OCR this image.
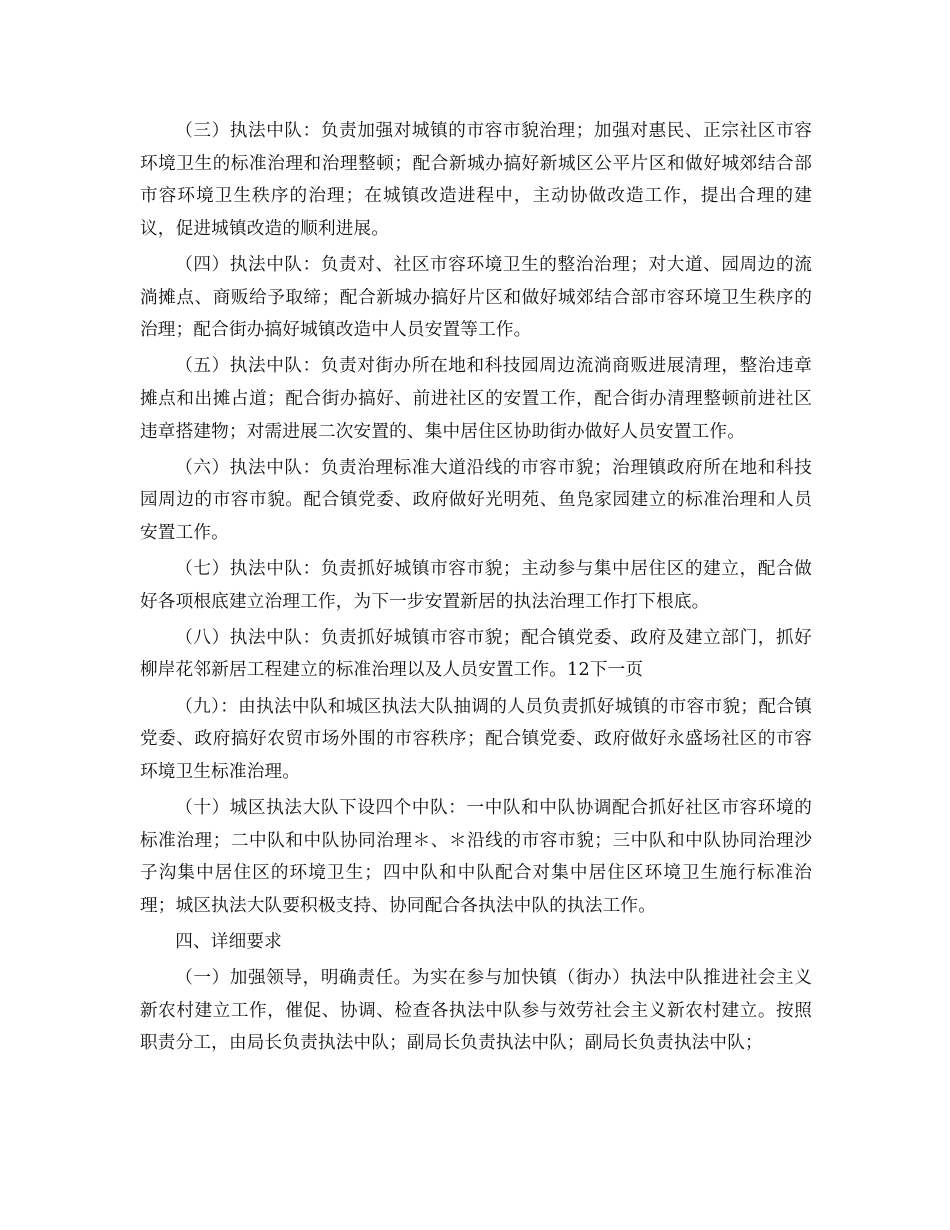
（三）执法中队：负责加强对城镇的市容市貌治理；加强对惠民、正宗社区市容环境卫生的标准治理和治理整顿；配合新城办搞好新城区公平片区和做好城郊结合部市容环境卫生秩序的治理；在城镇改造进程中，主动协做改造工作，提出合理的建议，促进城镇改造的顺利进展。

（四）执法中队：负责对、社区市容环境卫生的整治治理；对大道、园周边的流淌摊点、商贩给予取缔；配合新城办搞好片区和做好城郊结合部市容环境卫生秩序的治理；配合街办搞好城镇改造中人员安置等工作。

（五）执法中队：负责对街办所在地和科技园周边流淌商贩进展清理，整治违章摊点和出摊占道；配合街办搞好、前进社区的安置工作，配合街办清理整顿前进社区违章搭建物；对需进展二次安置的、集中居住区协助街办做好人员安置工作。

（六）执法中队：负责治理标准大道沿线的市容市貌；治理镇政府所在地和科技园周边的市容市貌。配合镇党委、政府做好光明苑、鱼凫家园建立的标准治理和人员安置工作。

（七）执法中队：负责抓好城镇市容市貌；主动参与集中居住区的建立，配合做好各项根底建立治理工作，为下一步安置新居的执法治理工作打下根底。

（八）执法中队：负责抓好城镇市容市貌；配合镇党委、政府及建立部门，抓好柳岸花邻新居工程建立的标准治理以及人员安置工作。12下一页

（九）：由执法中队和城区执法大队抽调的人员负责抓好城镇的市容市貌；配合镇党委、政府搞好农贸市场外围的市容秩序；配合镇党委、政府做好永盛场社区的市容环境卫生标准治理。

（十）城区执法大队下设四个中队：一中队和中队协调配合抓好社区市容环境的标准治理；二中队和中队协同治理＊、＊沿线的市容市貌；三中队和中队协同治理沙子沟集中居住区的环境卫生；四中队和中队配合对集中居住区环境卫生施行标准治理；城区执法大队要积极支持、协同配合各执法中队的执法工作。

四、详细要求

（一）加强领导，明确责任。为实在参与加快镇（街办）执法中队推进社会主义新农村建立工作，催促、协调、检查各执法中队参与效劳社会主义新农村建立。按照职责分工，由局长负责执法中队；副局长负责执法中队；副局长负责执法中队；
